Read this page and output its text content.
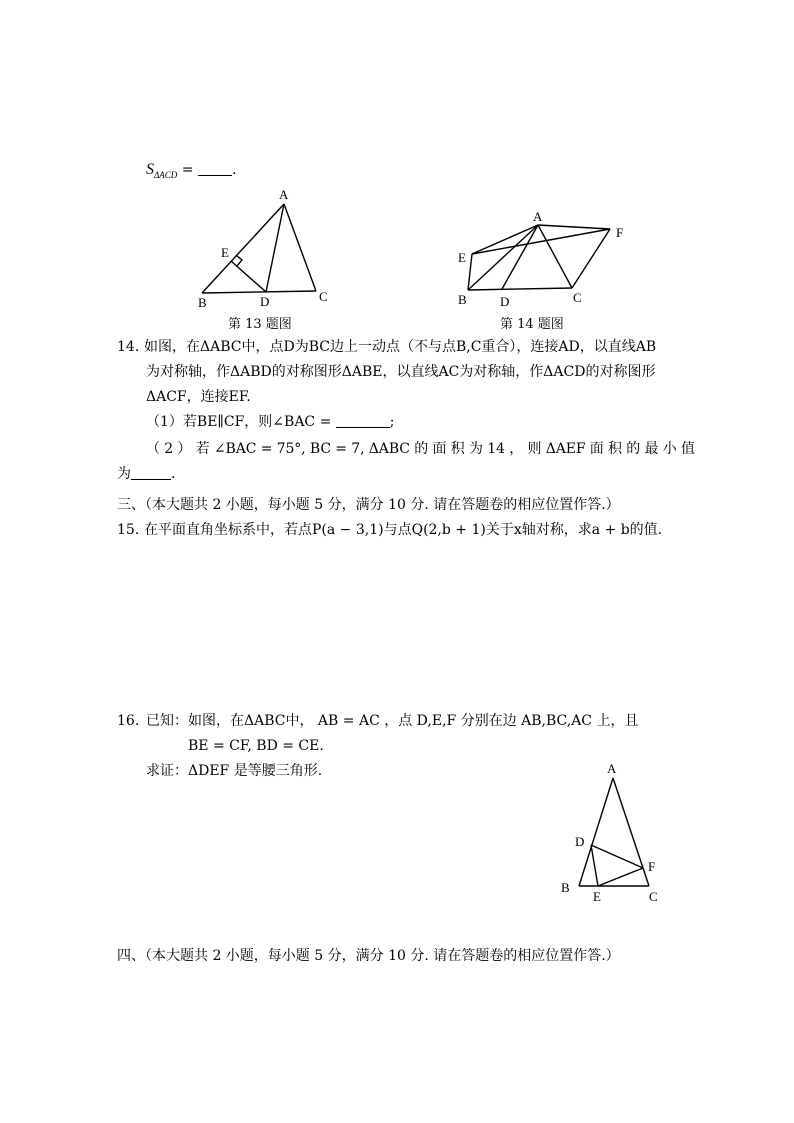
$S_{\Delta ACD}$ =	.
A
E
B	D	C
第 13 题图
A
F
E
B	D	C
第 14 题图
14. 如图，在ΔABC中，点D为BC边上一动点（不与点B,C重合），连接AD，以直线AB
为对称轴，作ΔABD的对称图形ΔABE，以直线AC为对称轴，作ΔACD的对称图形
ΔACF，连接EF.
（1）若BE∥CF，则∠BAC =	;
（ 2 ） 若 ∠BAC = 75°, BC = 7, ΔABC 的 面 积 为 14 ， 则 ΔAEF 面 积 的 最 小 值
为	.
三、（本大题共 2 小题，每小题 5 分，满分 10 分. 请在答题卷的相应位置作答.）
15. 在平面直角坐标系中，若点P(a − 3,1)与点Q(2,b + 1)关于x轴对称，求a + b的值.
16. 已知：如图，在ΔABC中， AB = AC ，点 D,E,F 分别在边 AB,BC,AC 上，且
BE = CF, BD = CE.
求证：ΔDEF 是等腰三角形.	A
D
F
B
E	C
四、（本大题共 2 小题，每小题 5 分，满分 10 分. 请在答题卷的相应位置作答.）
